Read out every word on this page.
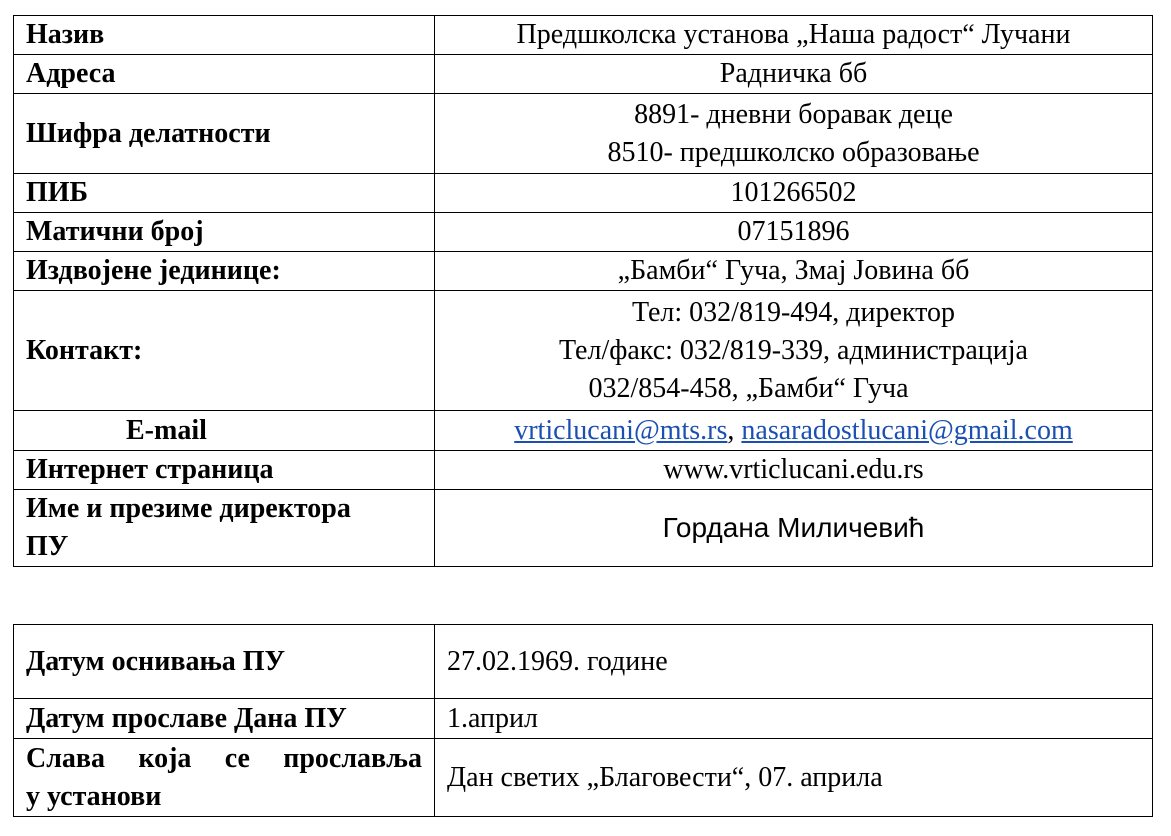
Назив	Предшколска установа „Наша радост“ Лучани
Адреса	Радничка бб
Шифра делатности	8891- дневни боравак деце
8510- предшколско образовање

ПИБ	101266502
Матични број	07151896
Издвојене јединице:	„Бамби“ Гуча, Змај Јовина бб
Контакт:	Тел: 032/819-494, директор
Тел/факс: 032/819-339, администрација
032/854-458, „Бамби“ Гуча

E-mail	vrticlucani@mts.rs, nasaradostlucani@gmail.com
Интернет страница	www.vrticlucani.edu.rs

Име и презиме директора
ПУ	Гордана Миличевић
Датум оснивања ПУ	27.02.1969. године
Датум прославе Дана ПУ	1.април

Слава која се прославља
у установи	Дан светих „Благовести“, 07. априла
